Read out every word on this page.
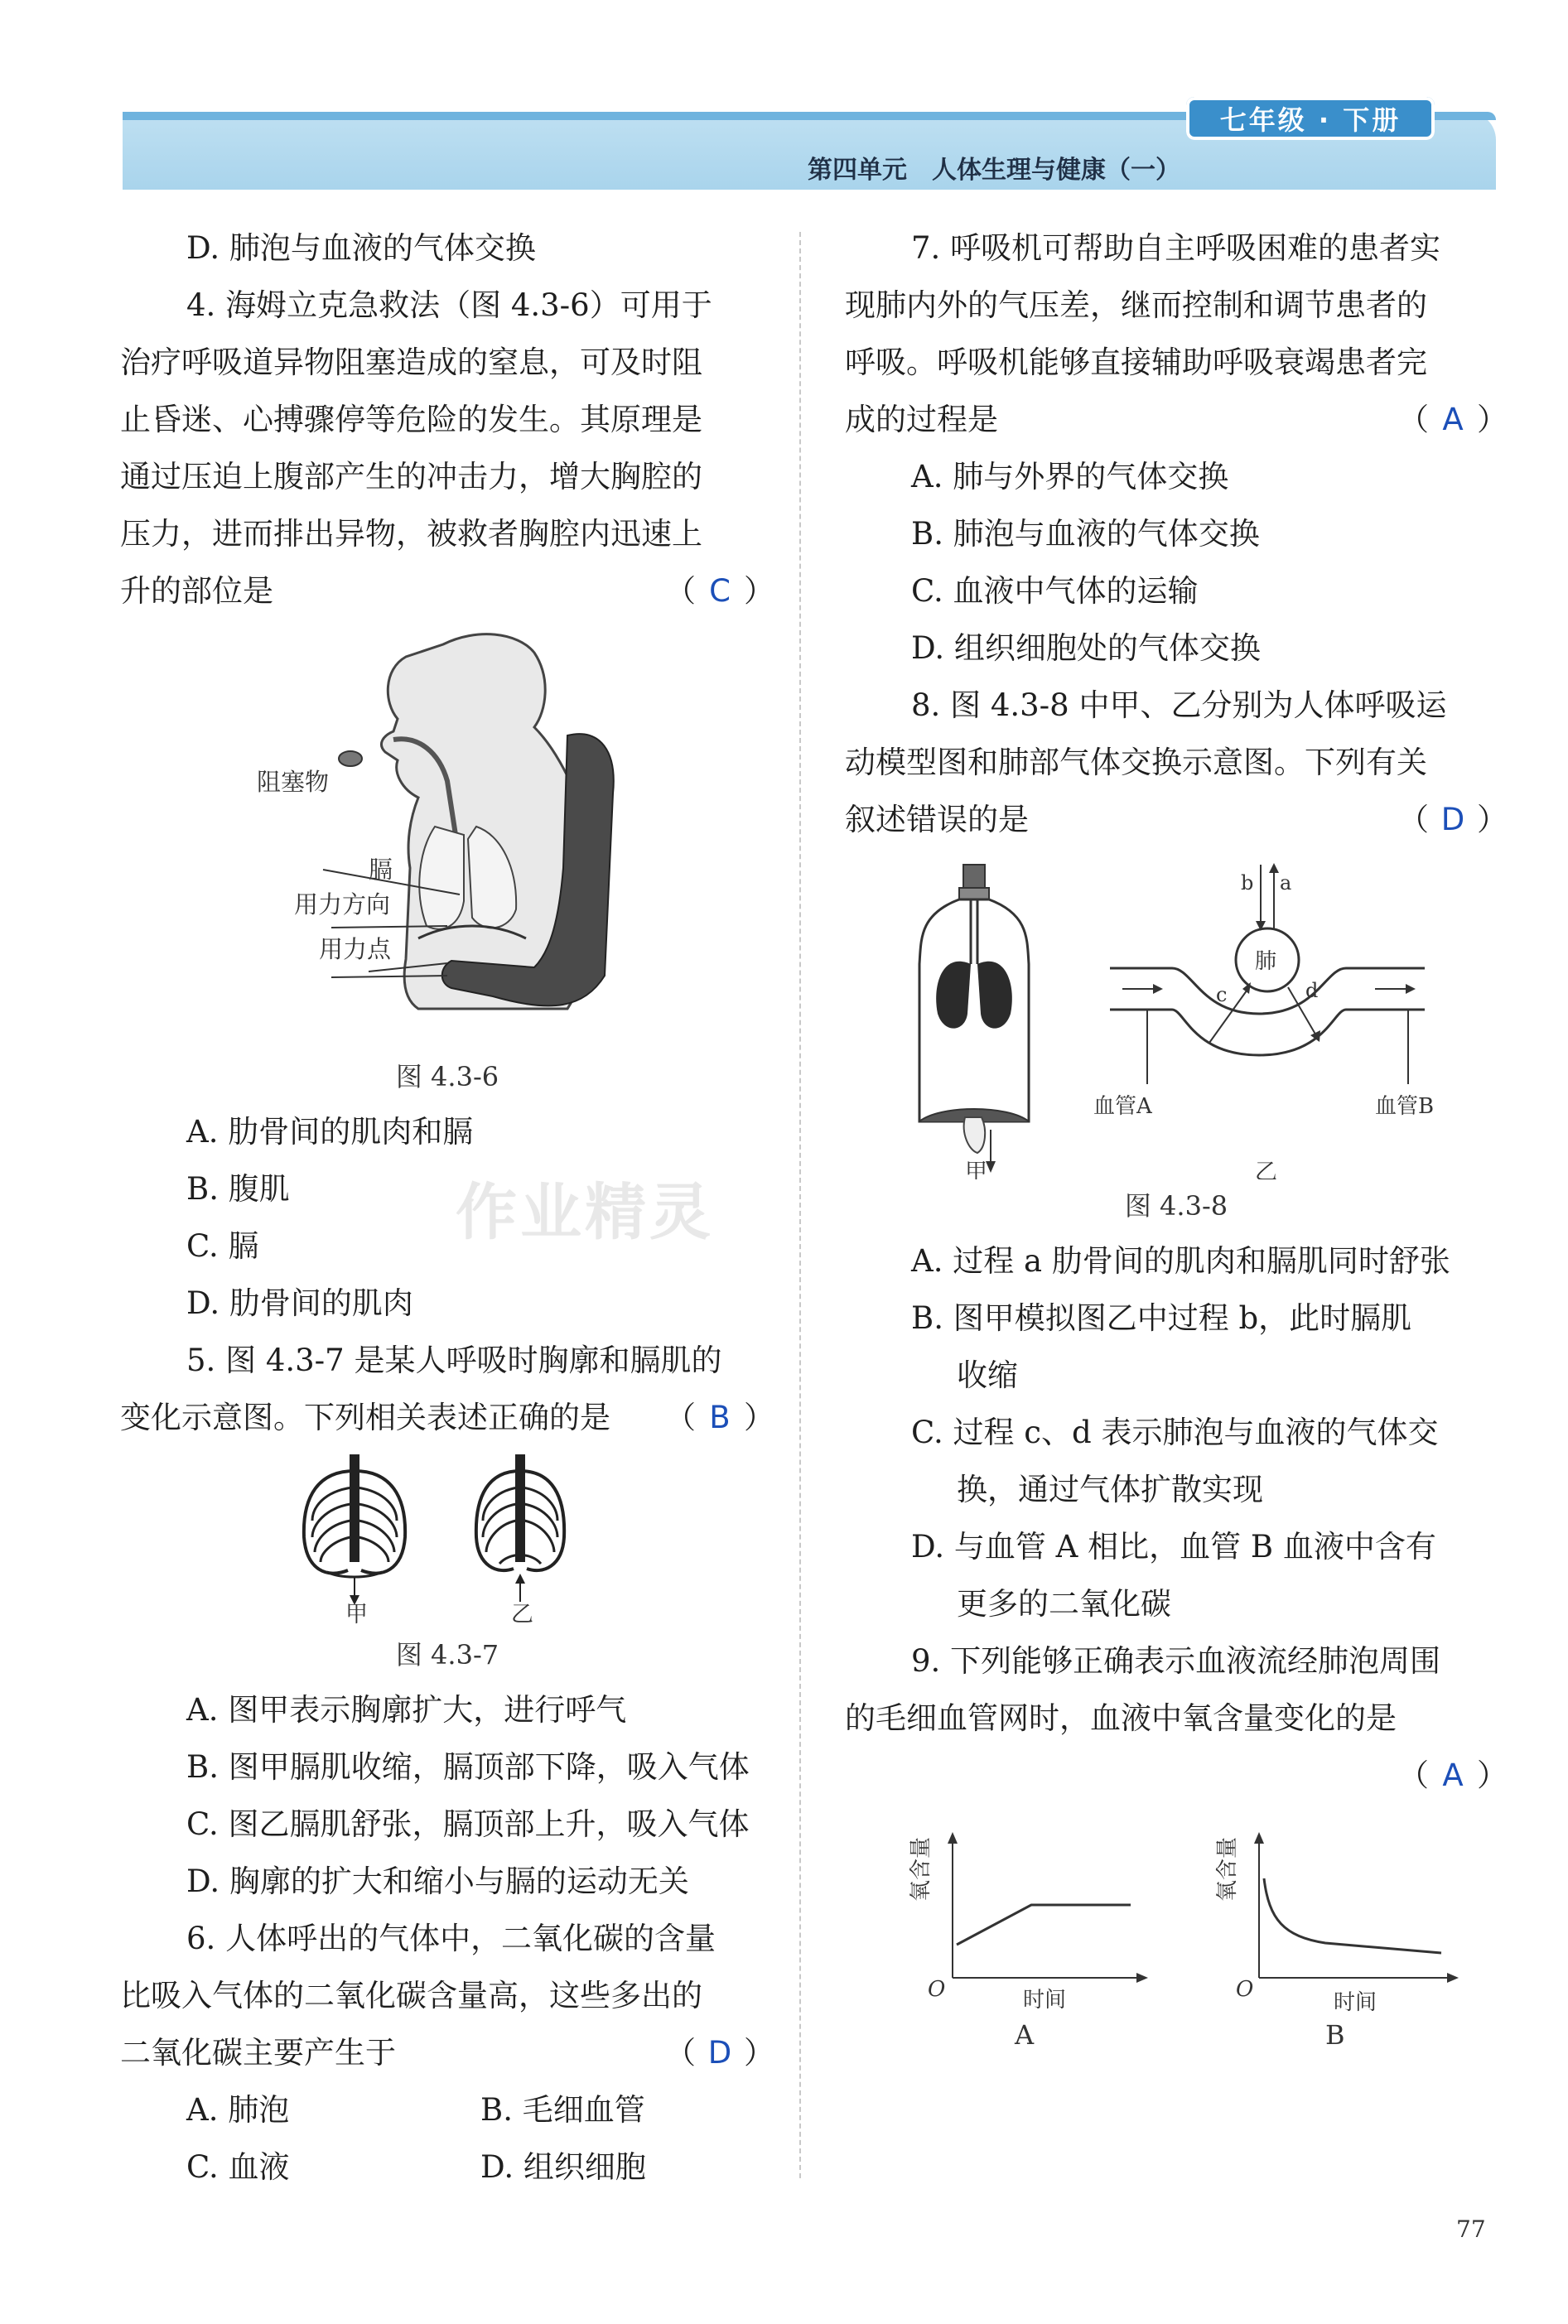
七年级 · 下册
第四单元　人体生理与健康（一）
D. 肺泡与血液的气体交换
4. 海姆立克急救法（图 4.3-6）可用于
治疗呼吸道异物阻塞造成的窒息，可及时阻
止昏迷、心搏骤停等危险的发生。其原理是
通过压迫上腹部产生的冲击力，增大胸腔的
压力，进而排出异物，被救者胸腔内迅速上
升的部位是	（ C ）
阻塞物
膈
用力方向
用力点
图 4.3-6
A. 肋骨间的肌肉和膈
B. 腹肌
C. 膈
D. 肋骨间的肌肉
5. 图 4.3-7 是某人呼吸时胸廓和膈肌的
变化示意图。下列相关表述正确的是 （ B ）
甲	乙
图 4.3-7
A. 图甲表示胸廓扩大，进行呼气
B. 图甲膈肌收缩，膈顶部下降，吸入气体
C. 图乙膈肌舒张，膈顶部上升，吸入气体
D. 胸廓的扩大和缩小与膈的运动无关
6. 人体呼出的气体中，二氧化碳的含量
比吸入气体的二氧化碳含量高，这些多出的
二氧化碳主要产生于	（ D ）
A. 肺泡	B. 毛细血管
C. 血液	D. 组织细胞
7. 呼吸机可帮助自主呼吸困难的患者实
现肺内外的气压差，继而控制和调节患者的
呼吸。呼吸机能够直接辅助呼吸衰竭患者完
成的过程是	（ A ）
A. 肺与外界的气体交换
B. 肺泡与血液的气体交换
C. 血液中气体的运输
D. 组织细胞处的气体交换
8. 图 4.3-8 中甲、乙分别为人体呼吸运
动模型图和肺部气体交换示意图。下列有关
叙述错误的是	（ D ）
甲	乙
肺
a
b
c	d
血管A	血管B
图 4.3-8
A. 过程 a 肋骨间的肌肉和膈肌同时舒张
B. 图甲模拟图乙中过程 b，此时膈肌
收缩
C. 过程 c、d 表示肺泡与血液的气体交
换，通过气体扩散实现
D. 与血管 A 相比，血管 B 血液中含有
更多的二氧化碳
9. 下列能够正确表示血液流经肺泡周围
的毛细血管网时，血液中氧含量变化的是
（ A ）
氧含量
时间
O
A
氧含量
时间
O
B
作业精灵
77
